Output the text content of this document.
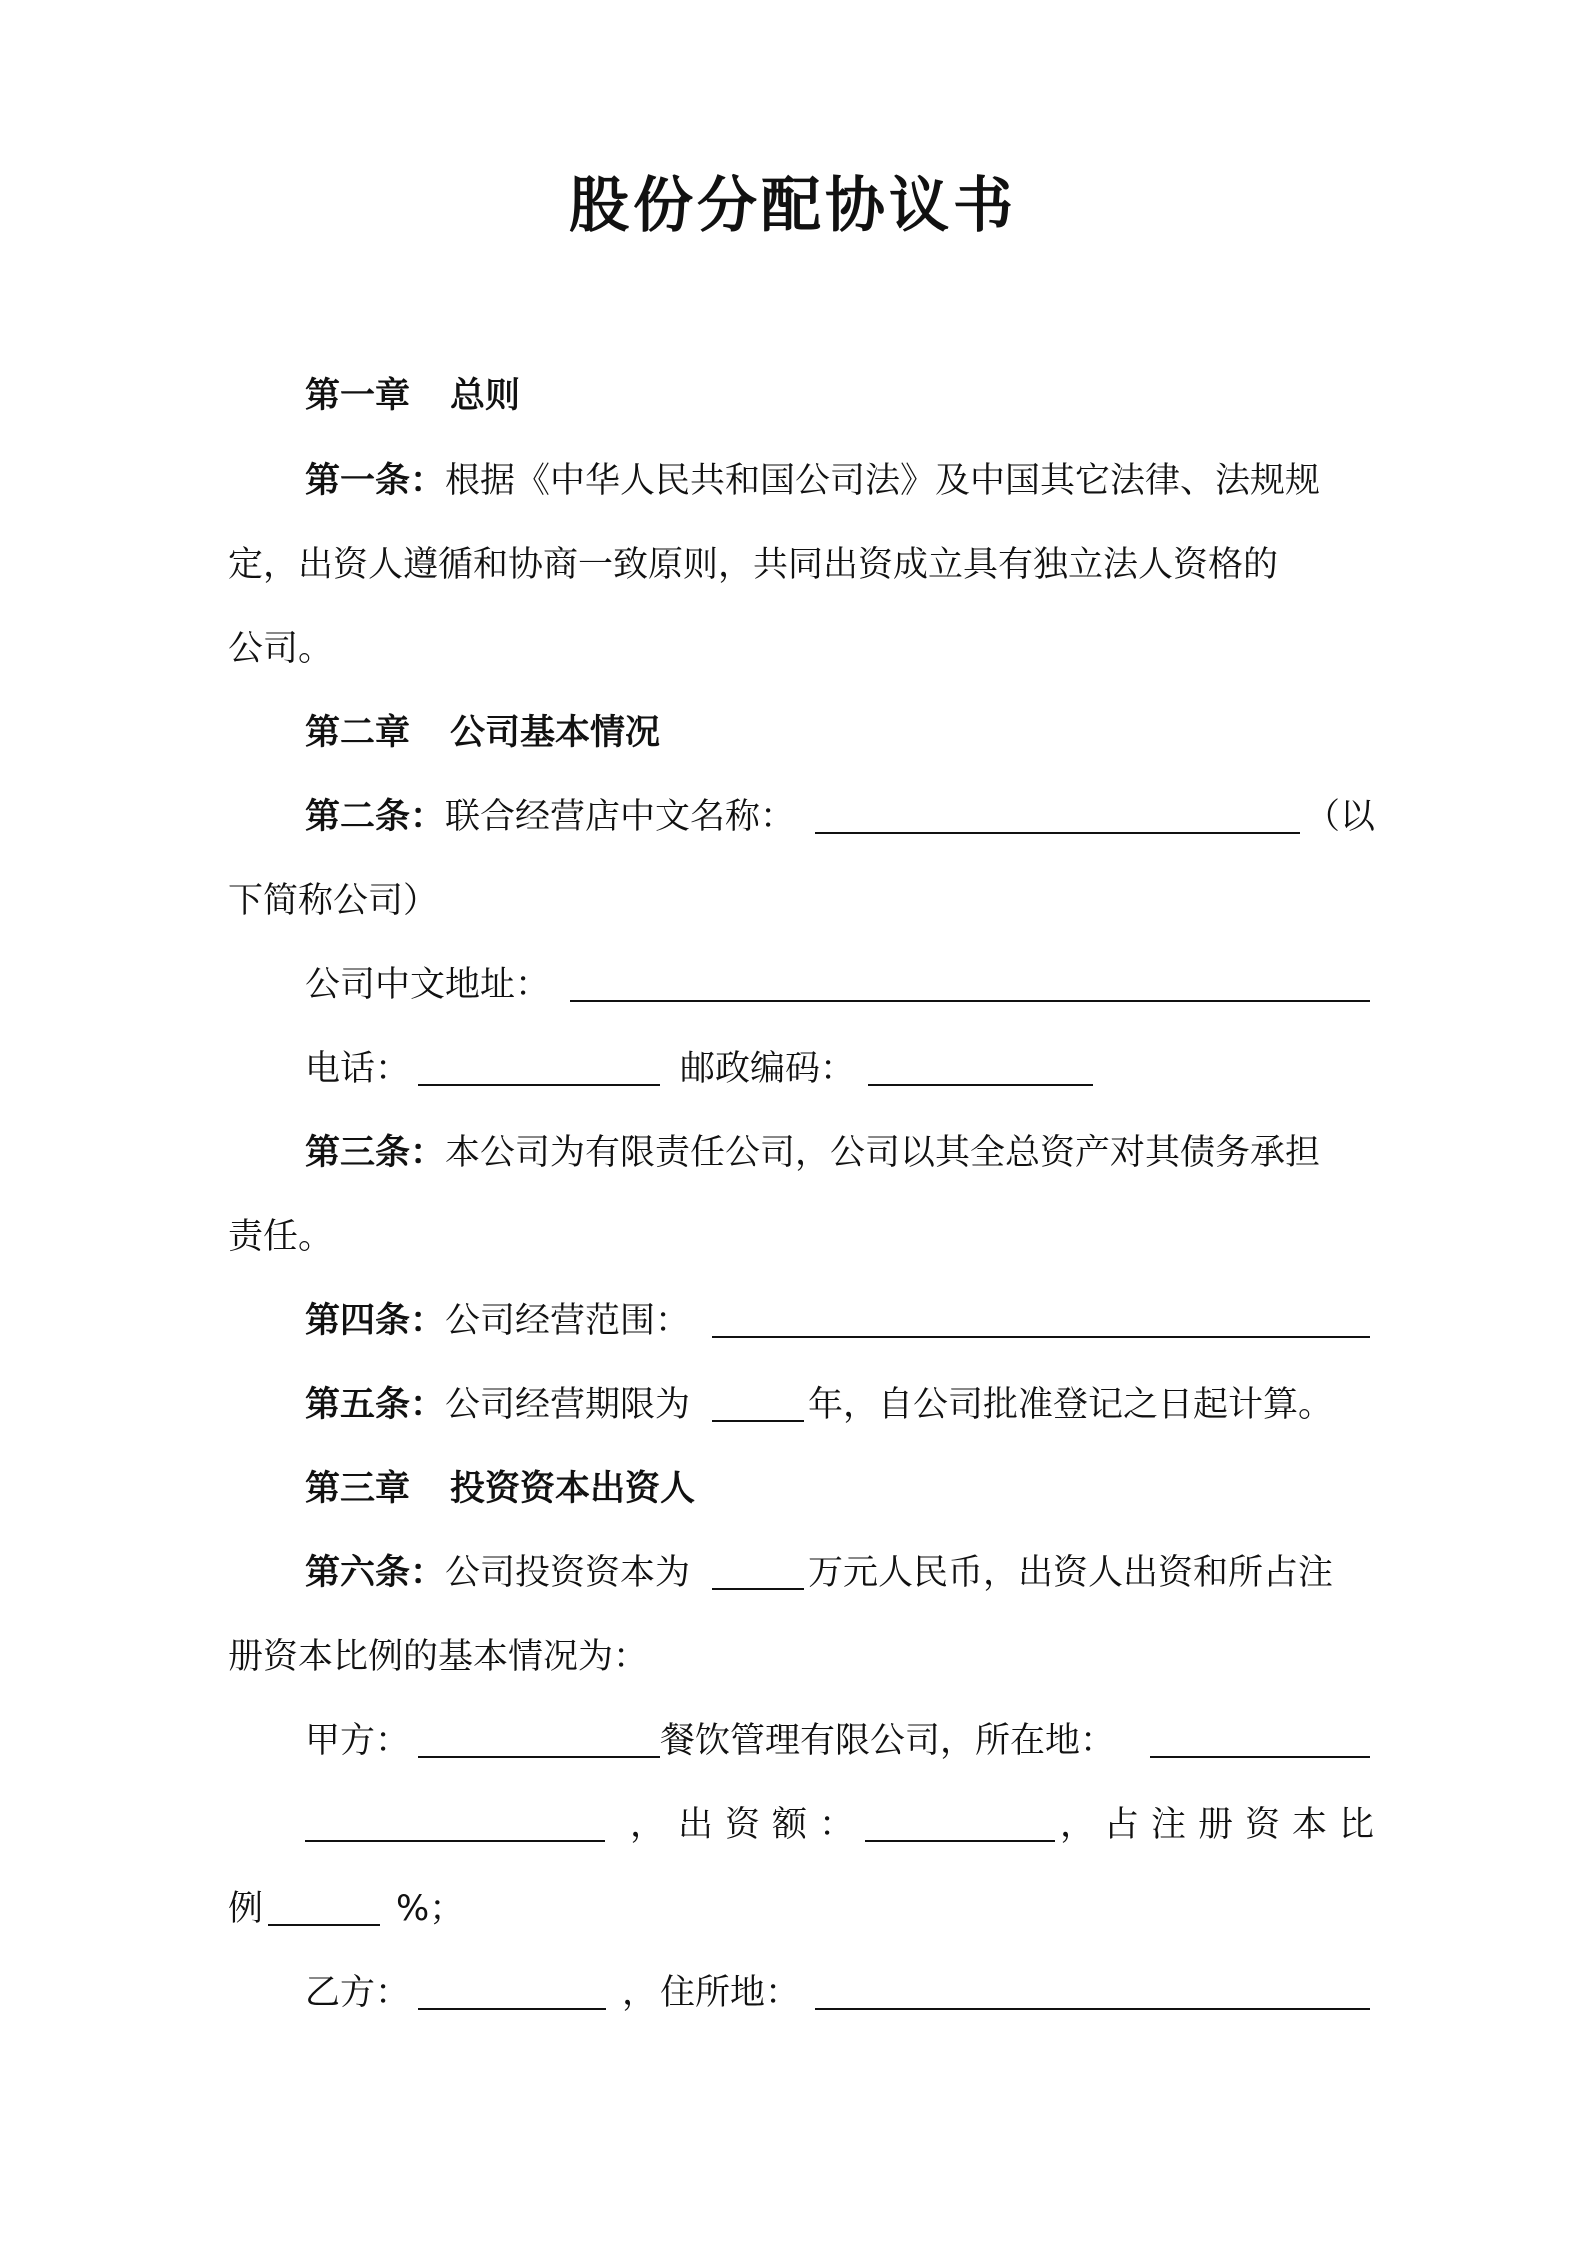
股份分配协议书
第一章 总则
第一条：根据《中华人民共和国公司法》及中国其它法律、法规规
定，出资人遵循和协商一致原则，共同出资成立具有独立法人资格的
公司。
第二章 公司基本情况
第二条：联合经营店中文名称：	（以
下简称公司）
公司中文地址：
电话：	邮政编码：
第三条：本公司为有限责任公司，公司以其全总资产对其债务承担
责任。
第四条：公司经营范围：
第五条：公司经营期限为	年，自公司批准登记之日起计算。
第三章 投资资本出资人
第六条：公司投资资本为	万元人民币，出资人出资和所占注
册资本比例的基本情况为：
甲方：	餐饮管理有限公司，所在地：
， 出资额：	， 占注册资本比
例	%；
乙方：	， 住所地：
